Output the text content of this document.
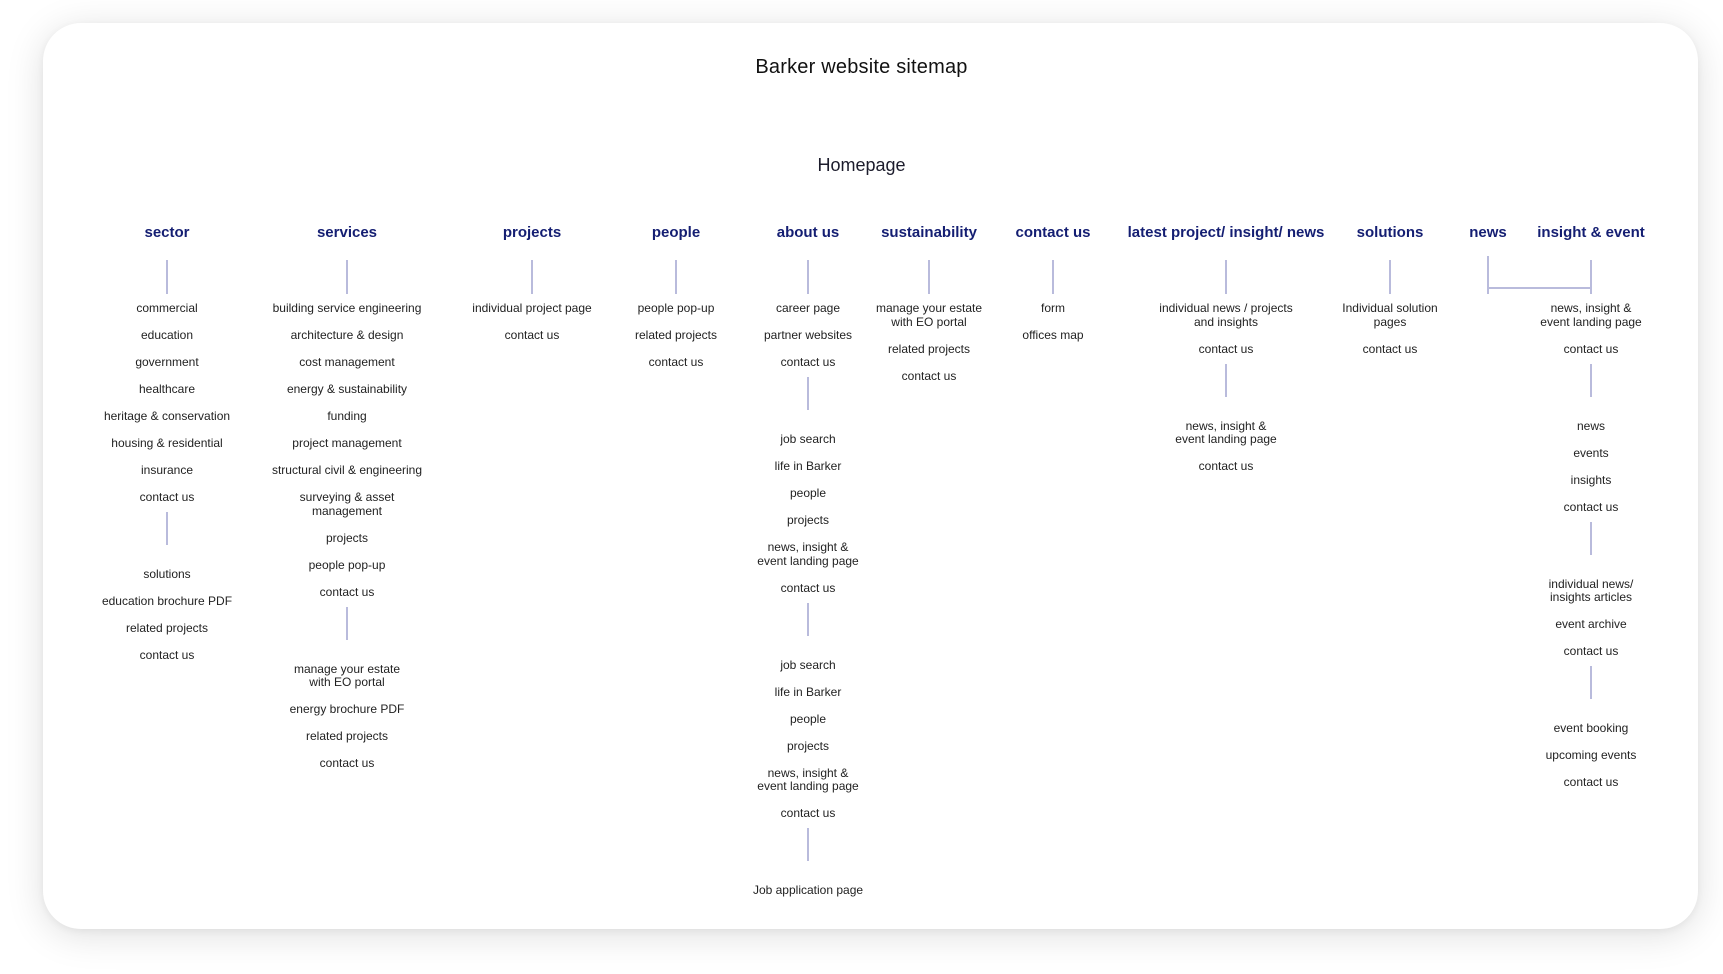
Barker website sitemap
Homepage
sector
commercial
education
government
healthcare
heritage & conservation
housing & residential
insurance
contact us
solutions
education brochure PDF
related projects
contact us
services
building service engineering
architecture & design
cost management
energy & sustainability
funding
project management
structural civil & engineering
surveying & asset
management
projects
people pop-up
contact us
manage your estate
with EO portal
energy brochure PDF
related projects
contact us
projects
individual project page
contact us
people
people pop-up
related projects
contact us
about us
career page
partner websites
contact us
job search
life in Barker
people
projects
news, insight &
event landing page
contact us
job search
life in Barker
people
projects
news, insight &
event landing page
contact us
Job application page
sustainability
manage your estate
with EO portal
related projects
contact us
contact us
form
offices map
latest project/ insight/ news
individual news / projects
and insights
contact us
news, insight &
event landing page
contact us
solutions
Individual solution
pages
contact us
news insight & event
news, insight &
event landing page
contact us
news
events
insights
contact us
individual news/
insights articles
event archive
contact us
event booking
upcoming events
contact us
